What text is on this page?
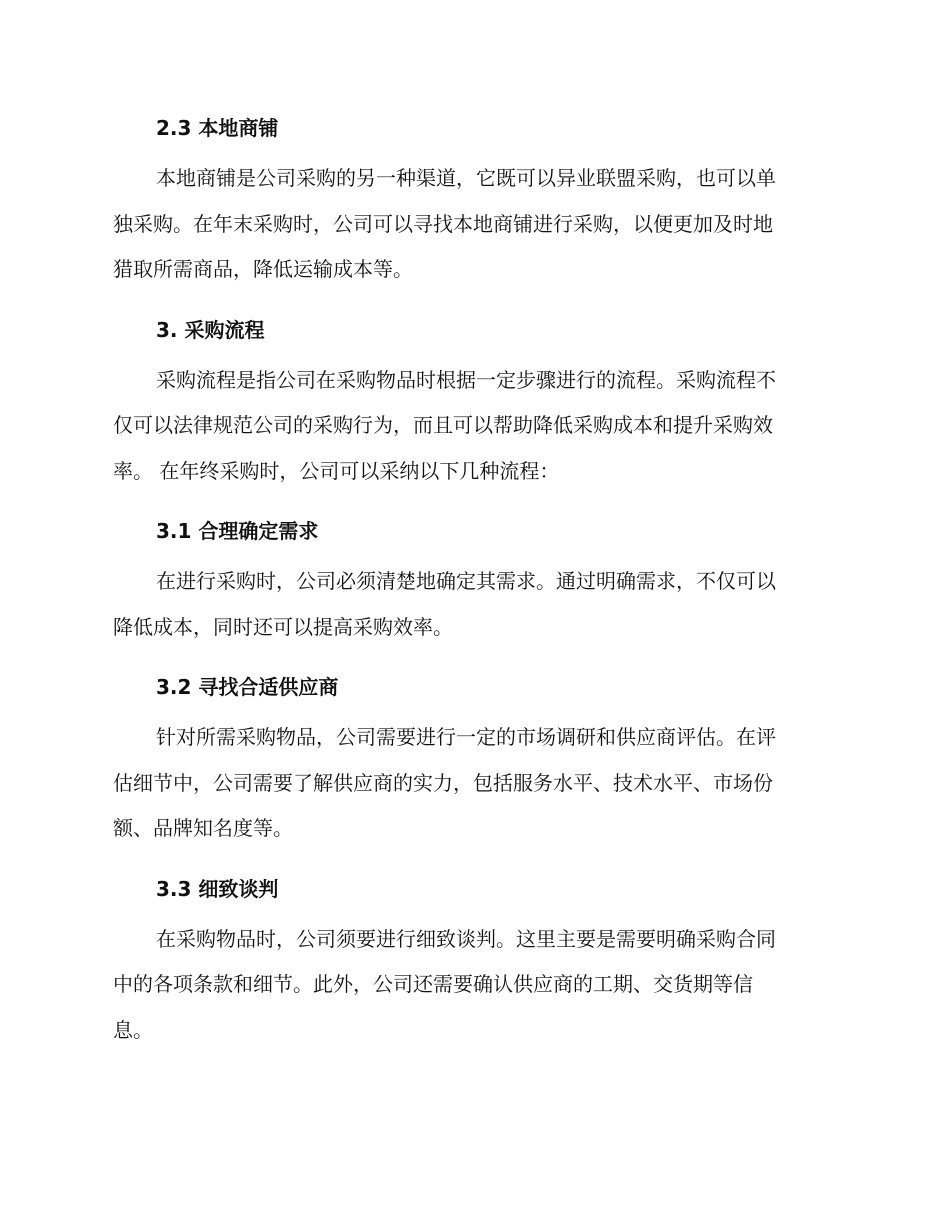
2.3 本地商铺

本地商铺是公司采购的另一种渠道，它既可以异业联盟采购，也可以单
独采购。在年末采购时，公司可以寻找本地商铺进行采购，以便更加及时地
猎取所需商品，降低运输成本等。

3. 采购流程

采购流程是指公司在采购物品时根据一定步骤进行的流程。采购流程不
仅可以法律规范公司的采购行为，而且可以帮助降低采购成本和提升采购效
率。 在年终采购时，公司可以采纳以下几种流程：

3.1 合理确定需求

在进行采购时，公司必须清楚地确定其需求。通过明确需求，不仅可以
降低成本，同时还可以提高采购效率。

3.2 寻找合适供应商

针对所需采购物品，公司需要进行一定的市场调研和供应商评估。在评
估细节中，公司需要了解供应商的实力，包括服务水平、技术水平、市场份
额、品牌知名度等。

3.3 细致谈判

在采购物品时，公司须要进行细致谈判。这里主要是需要明确采购合同
中的各项条款和细节。此外，公司还需要确认供应商的工期、交货期等信
息。
